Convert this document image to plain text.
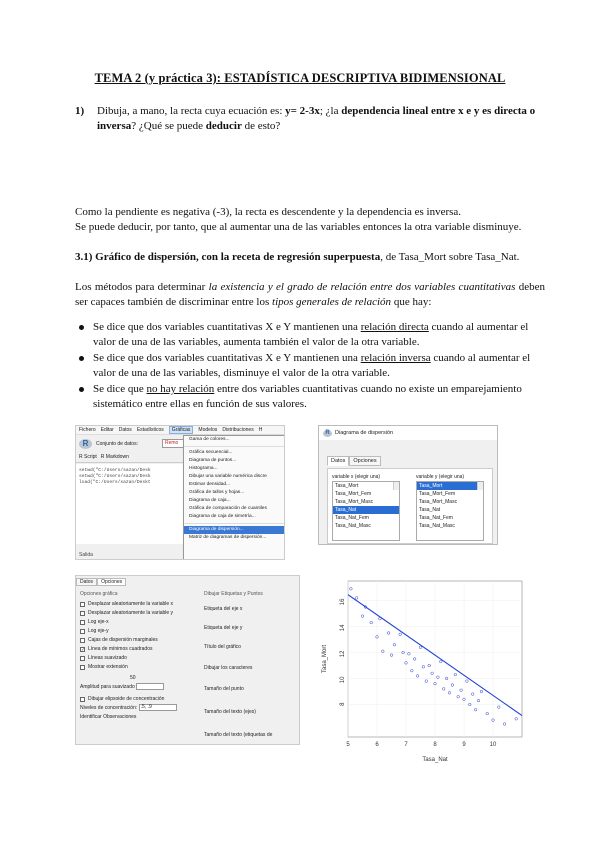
TEMA 2 (y práctica 3): ESTADÍSTICA DESCRIPTIVA BIDIMENSIONAL
1)	Dibuja, a mano, la recta cuya ecuación es: y= 2-3x; ¿la dependencia lineal entre x e y es directa o inversa? ¿Qué se puede deducir de esto?
Como la pendiente es negativa (-3), la recta es descendente y la dependencia es inversa.
Se puede deducir, por tanto, que al aumentar una de las variables entonces la otra variable disminuye.
3.1) Gráfico de dispersión, con la receta de regresión superpuesta, de Tasa_Mort sobre Tasa_Nat.
Los métodos para determinar la existencia y el grado de relación entre dos variables cuantitativas deben ser capaces también de discriminar entre los tipos generales de relación que hay:
Se dice que dos variables cuantitativas X e Y mantienen una relación directa cuando al aumentar el valor de una de las variables, aumenta también el valor de la otra variable.
Se dice que dos variables cuantitativas X e Y mantienen una relación inversa cuando al aumentar el valor de una de las variables, disminuye el valor de la otra variable.
Se dice que no hay relación entre dos variables cuantitativas cuando no existe un emparejamiento sistemático entre ellas en función de sus valores.
Fichero Editar Datos Estadísticos	Gráficas	Modelos Distribuciones H
R	Conjunto de datos:	Remo
R Script R Markdown
setwd("C:/Users/sazan/Desk
setwd("C:/Users/sazan/Desk
load("C:/Users/sazan/Deskt
Salida
Gama de colores...
Gráfica secuencial...
Diagrama de puntos...
Histograma...
Dibujar una variable numérica discre
Estimar densidad...
Gráfica de tallos y hojas...
Diagrama de caja...
Gráfica de comparación de cuantiles
Diagrama de caja de simetría...
Diagrama de dispersión...
Matriz de diagramas de dispersión...
R Diagrama de dispersión
Datos	Opciones
variable x (elegir una)	variable y (elegir una)
Tasa_Mort
Tasa_Mort_Fem
Tasa_Mort_Masc
Tasa_Nat
Tasa_Nat_Fem
Tasa_Nat_Masc
Tasa_Mort
Tasa_Mort_Fem
Tasa_Mort_Masc
Tasa_Nat
Tasa_Nat_Fem
Tasa_Nat_Masc
Datos	Opciones
Opciones gráfica
Desplazar aleatoriamente la variable x
Desplazar aleatoriamente la variable y
Log eje-x
Log eje-y
Cajas de dispersión marginales
✓ Línea de mínimos cuadrados
Líneas suavizado
Mostrar extensión
50
Amplitud para suavizado
Dibujar elipsoide de concentración
Niveles de concentración: .5, .9
Identificar Observaciones
Dibujar Etiquetas y Puntos
Etiqueta del eje x
Etiqueta del eje y
Título del gráfico
Dibujar los caracteres
Tamaño del punto
Tamaño del texto (ejes)
Tamaño del texto (etiquetas de
5	6	7	8	9	10
8
10
12
14
16
Tasa_Nat
Tasa_Mort
